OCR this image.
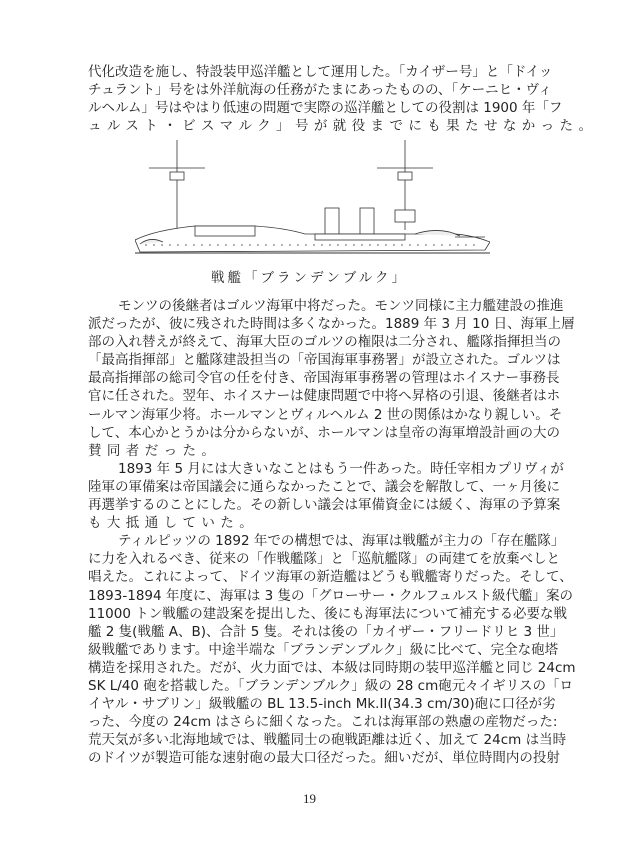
代化改造を施し、特設装甲巡洋艦として運用した。「カイザー号」と「ドイッ
チュラント」号をは外洋航海の任務がたまにあったものの、「ケーニヒ・ヴィ
ルヘルム」号はやはり低速の問題で実際の巡洋艦としての役割は 1900 年「フ
ュルスト・ビスマルク」号が就役までにも果たせなかった。
戦艦「ブランデンブルク」
モンツの後継者はゴルツ海軍中将だった。モンツ同様に主力艦建設の推進
派だったが、彼に残された時間は多くなかった。1889 年 3 月 10 日、海軍上層
部の入れ替えが終えて、海軍大臣のゴルツの権限は二分され、艦隊指揮担当の
「最高指揮部」と艦隊建設担当の「帝国海軍事務署」が設立された。ゴルツは
最高指揮部の総司令官の任を付き、帝国海軍事務署の管理はホイスナー事務長
官に任された。翌年、ホイスナーは健康問題で中将へ昇格の引退、後継者はホ
ールマン海軍少将。ホールマンとヴィルヘルム 2 世の関係はかなり親しい。そ
して、本心かとうかは分からないが、ホールマンは皇帝の海軍増設計画の大の
賛同者だった。
1893 年 5 月には大きいなことはもう一件あった。時任宰相カプリヴィが
陸軍の軍備案は帝国議会に通らなかったことで、議会を解散して、一ヶ月後に
再選挙するのことにした。その新しい議会は軍備資金には緩く、海軍の予算案
も大抵通していた。
ティルピッツの 1892 年での構想では、海軍は戦艦が主力の「存在艦隊」
に力を入れるべき、従来の「作戦艦隊」と「巡航艦隊」の両建てを放棄べしと
唱えた。これによって、ドイツ海軍の新造艦はどうも戦艦寄りだった。そして、
1893-1894 年度に、海軍は 3 隻の「グローサー・クルフュルスト級代艦」案の
11000 トン戦艦の建設案を提出した、後にも海軍法について補充する必要な戦
艦 2 隻(戦艦 A、B)、合計 5 隻。それは後の「カイザー・フリードリヒ 3 世」
級戦艦であります。中途半端な「ブランデンブルク」級に比べて、完全な砲塔
構造を採用された。だが、火力面では、本級は同時期の装甲巡洋艦と同じ 24cm
SK L/40 砲を搭載した。「ブランデンブルク」級の 28 cm砲元々イギリスの「ロ
イヤル・サブリン」級戦艦の BL 13.5-inch Mk.II(34.3 cm/30)砲に口径が劣
った、今度の 24cm はさらに細くなった。これは海軍部の熟慮の産物だった:
荒天気が多い北海地域では、戦艦同士の砲戦距離は近く、加えて 24cm は当時
のドイツが製造可能な速射砲の最大口径だった。細いだが、単位時間内の投射
19
